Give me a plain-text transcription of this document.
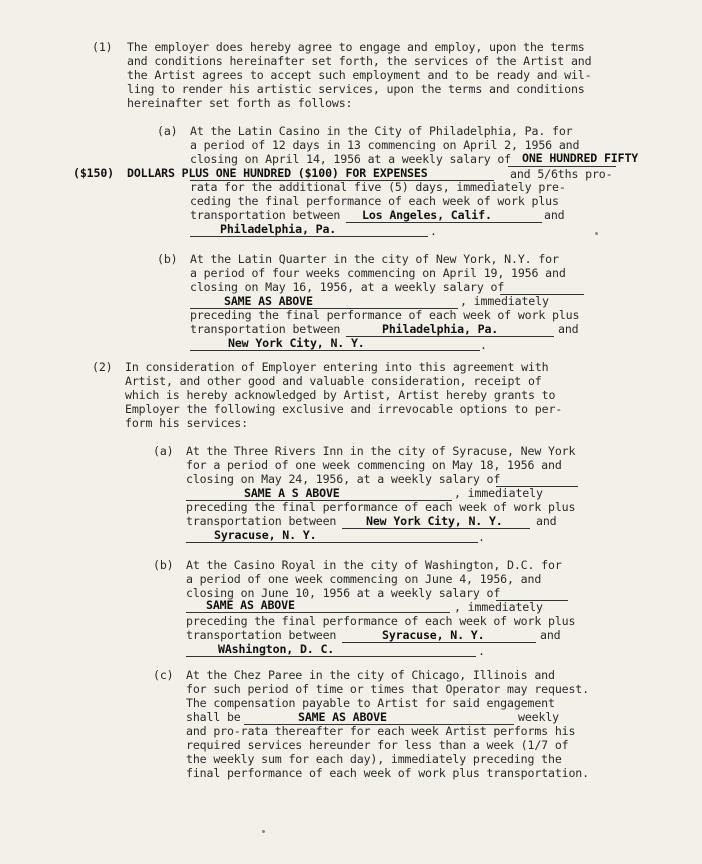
(1) The employer does hereby agree to engage and employ, upon the terms
and conditions hereinafter set forth, the services of the Artist and
the Artist agrees to accept such employment and to be ready and wil-
ling to render his artistic services, upon the terms and conditions
hereinafter set forth as follows:
(a) At the Latin Casino in the City of Philadelphia, Pa. for
a period of 12 days in 13 commencing on April 2, 1956 and
closing on April 14, 1956 at a weekly salary of ONE HUNDRED FIFTY
($150) DOLLARS PLUS ONE HUNDRED ($100) FOR EXPENSES	and 5/6ths pro-
rata for the additional five (5) days, immediately pre-
ceding the final performance of each week of work plus
transportation between Los Angeles, Calif.	and
Philadelphia, Pa.	.
(b) At the Latin Quarter in the city of New York, N.Y. for
a period of four weeks commencing on April 19, 1956 and
closing on May 16, 1956, at a weekly salary of
SAME AS ABOVE	, immediately
preceding the final performance of each week of work plus
transportation between	Philadelphia, Pa.	and
New York City, N. Y.	.
(2) In consideration of Employer entering into this agreement with
Artist, and other good and valuable consideration, receipt of
which is hereby acknowledged by Artist, Artist hereby grants to
Employer the following exclusive and irrevocable options to per-
form his services:
(a) At the Three Rivers Inn in the city of Syracuse, New York
for a period of one week commencing on May 18, 1956 and
closing on May 24, 1956, at a weekly salary of
SAME A S ABOVE	, immediately
preceding the final performance of each week of work plus
transportation between	New York City, N. Y.	and
Syracuse, N. Y.	.
(b) At the Casino Royal in the city of Washington, D.C. for
a period of one week commencing on June 4, 1956, and
closing on June 10, 1956 at a weekly salary of
SAME AS ABOVE	, immediately
preceding the final performance of each week of work plus
transportation between	Syracuse, N. Y.	and
WAshington, D. C.	.
(c) At the Chez Paree in the city of Chicago, Illinois and
for such period of time or times that Operator may request.
The compensation payable to Artist for said engagement
shall be	SAME AS ABOVE	weekly
and pro-rata thereafter for each week Artist performs his
required services hereunder for less than a week (1/7 of
the weekly sum for each day), immediately preceding the
final performance of each week of work plus transportation.
